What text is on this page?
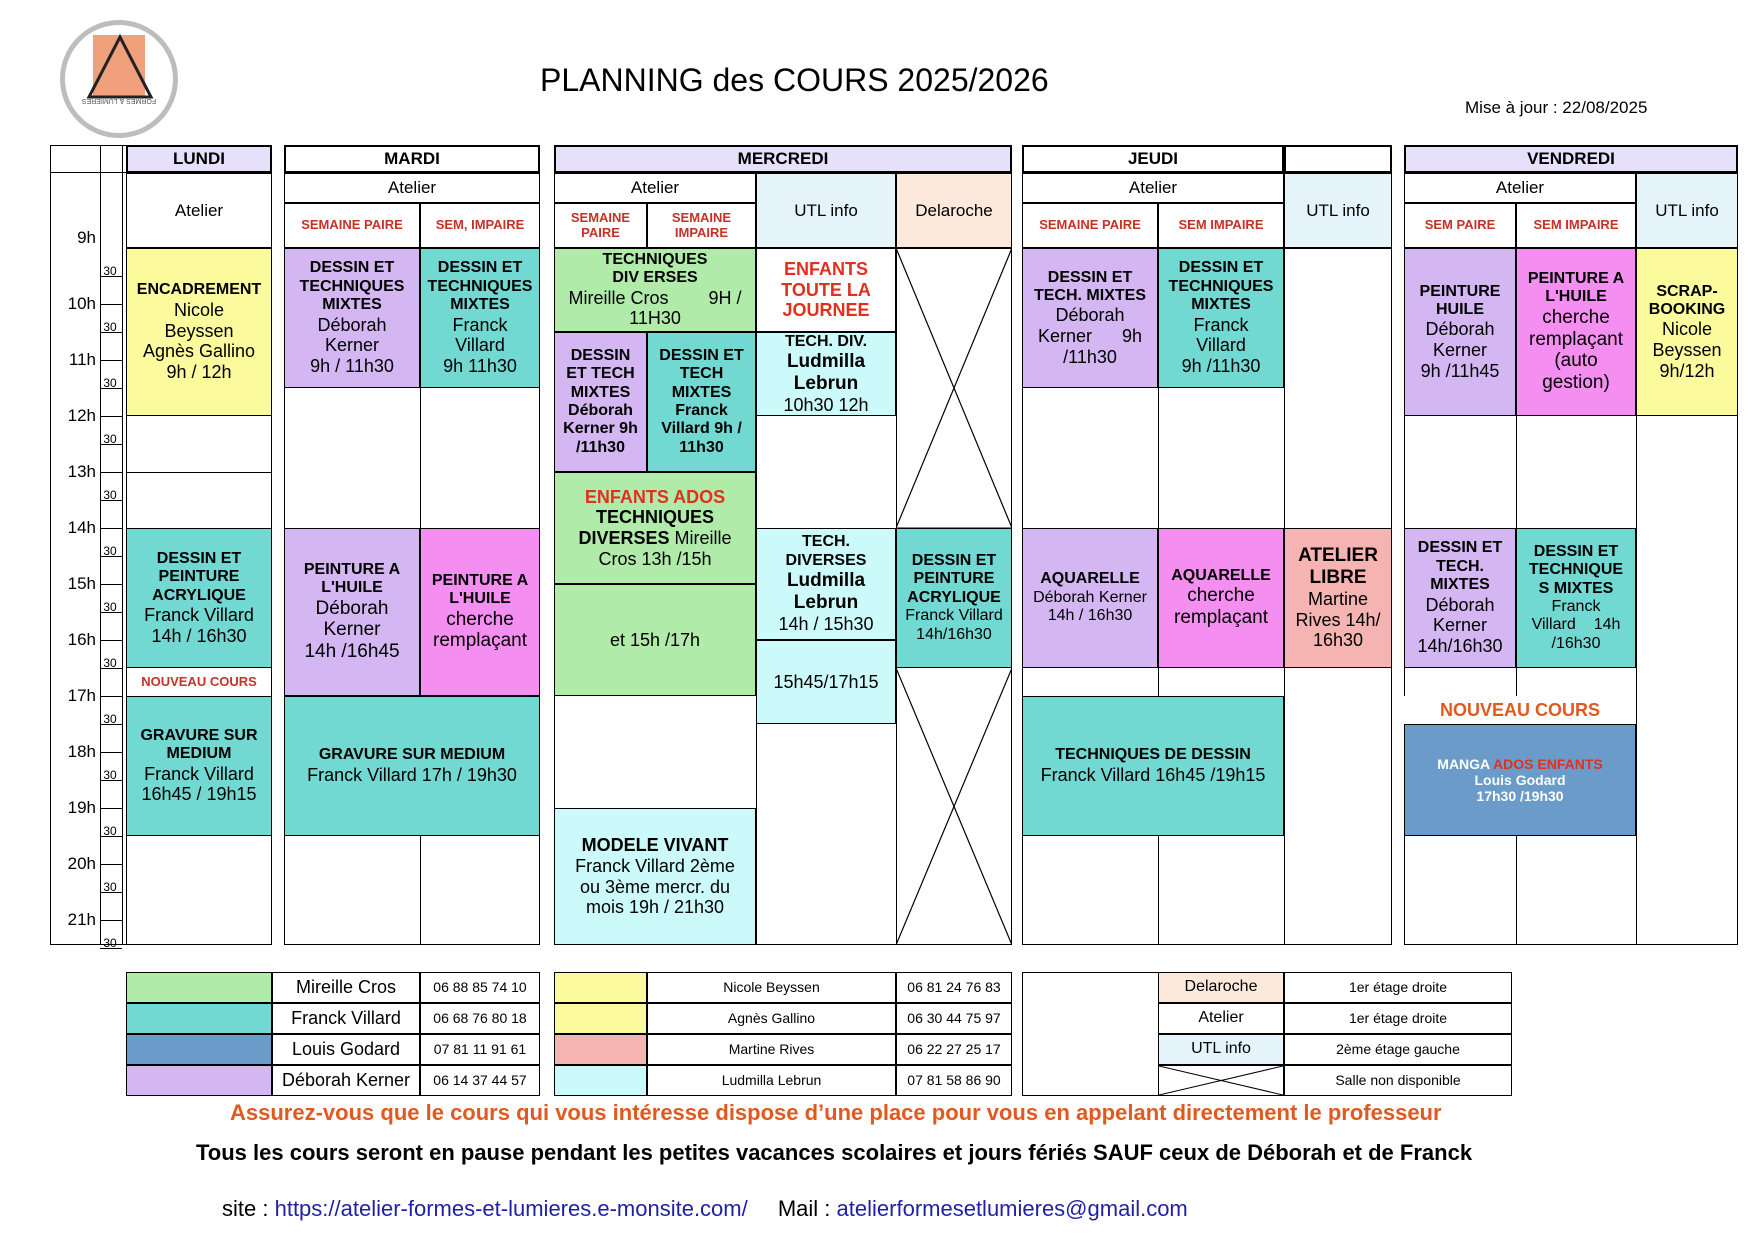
FORMES & LUMIERES
PLANNING des COURS 2025/2026
Mise à jour : 22/08/2025
9h
30
10h
30
11h
30
12h
30
13h
30
14h
30
15h
30
16h
30
17h
30
18h
30
19h
30
20h
30
21h
30
LUNDI
Atelier
ENCADREMENT
Nicole
Beyssen
Agnès Gallino
9h / 12h
DESSIN ET
PEINTURE
ACRYLIQUE
Franck Villard
14h / 16h30
NOUVEAU COURS
GRAVURE SUR
MEDIUM
Franck Villard
16h45 / 19h15
MARDI
Atelier
SEMAINE PAIRE	SEM, IMPAIRE
DESSIN ET
TECHNIQUES
MIXTES
Déborah
Kerner
9h / 11h30
DESSIN ET
TECHNIQUES
MIXTES
Franck
Villard
9h 11h30
PEINTURE A
L'HUILE
Déborah
Kerner
14h /16h45
PEINTURE A
L'HUILE
cherche
remplaçant
GRAVURE SUR MEDIUM
Franck Villard 17h / 19h30
MERCREDI
Atelier
SEMAINE PAIRE
SEMAINE IMPAIRE
UTL info	Delaroche
TECHNIQUES
DIV ERSES
Mireille Cros 9H /
11H30
DESSIN
ET TECH
MIXTES
Déborah
Kerner 9h
/11h30
DESSIN ET
TECH
MIXTES
Franck
Villard 9h /
11h30
ENFANTS ADOS
TECHNIQUES
DIVERSES Mireille
Cros 13h /15h
et 15h /17h
MODELE VIVANT
Franck Villard 2ème
ou 3ème mercr. du
mois 19h / 21h30
ENFANTS
TOUTE LA
JOURNEE
TECH. DIV.
Ludmilla
Lebrun
10h30 12h
TECH.
DIVERSES
Ludmilla
Lebrun
14h / 15h30
15h45/17h15
DESSIN ET
PEINTURE
ACRYLIQUE
Franck Villard
14h/16h30
JEUDI
Atelier
SEMAINE PAIRE	SEM IMPAIRE
UTL info
DESSIN ET
TECH. MIXTES
Déborah
Kerner 9h
/11h30
DESSIN ET
TECHNIQUES
MIXTES
Franck
Villard
9h /11h30
AQUARELLE
Déborah Kerner
14h / 16h30
AQUARELLE
cherche
remplaçant
ATELIER
LIBRE
Martine
Rives 14h/
16h30
TECHNIQUES DE DESSIN
Franck Villard 16h45 /19h15
VENDREDI
Atelier
SEM PAIRE	SEM IMPAIRE
UTL info
PEINTURE
HUILE
Déborah
Kerner
9h /11h45
PEINTURE A
L'HUILE
cherche
remplaçant
(auto
gestion)
SCRAP-
BOOKING
Nicole
Beyssen
9h/12h
DESSIN ET
TECH.
MIXTES
Déborah
Kerner
14h/16h30
DESSIN ET
TECHNIQUE
S MIXTES
Franck
Villard 14h
/16h30
NOUVEAU COURS
MANGA ADOS ENFANTS
Louis Godard
17h30 /19h30
Mireille Cros	06 88 85 74 10
Franck Villard	06 68 76 80 18
Louis Godard	07 81 11 91 61
Déborah Kerner	06 14 37 44 57
Nicole Beyssen	06 81 24 76 83
Agnès Gallino	06 30 44 75 97
Martine Rives	06 22 27 25 17
Ludmilla Lebrun	07 81 58 86 90
Delaroche	1er étage droite
Atelier	1er étage droite
UTL info	2ème étage gauche
Salle non disponible
Assurez-vous que le cours qui vous intéresse dispose d’une place pour vous en appelant directement le professeur
Tous les cours seront en pause pendant les petites vacances scolaires et jours fériés SAUF ceux de Déborah et de Franck
site : https://atelier-formes-et-lumieres.e-monsite.com/ Mail : atelierformesetlumieres@gmail.com
